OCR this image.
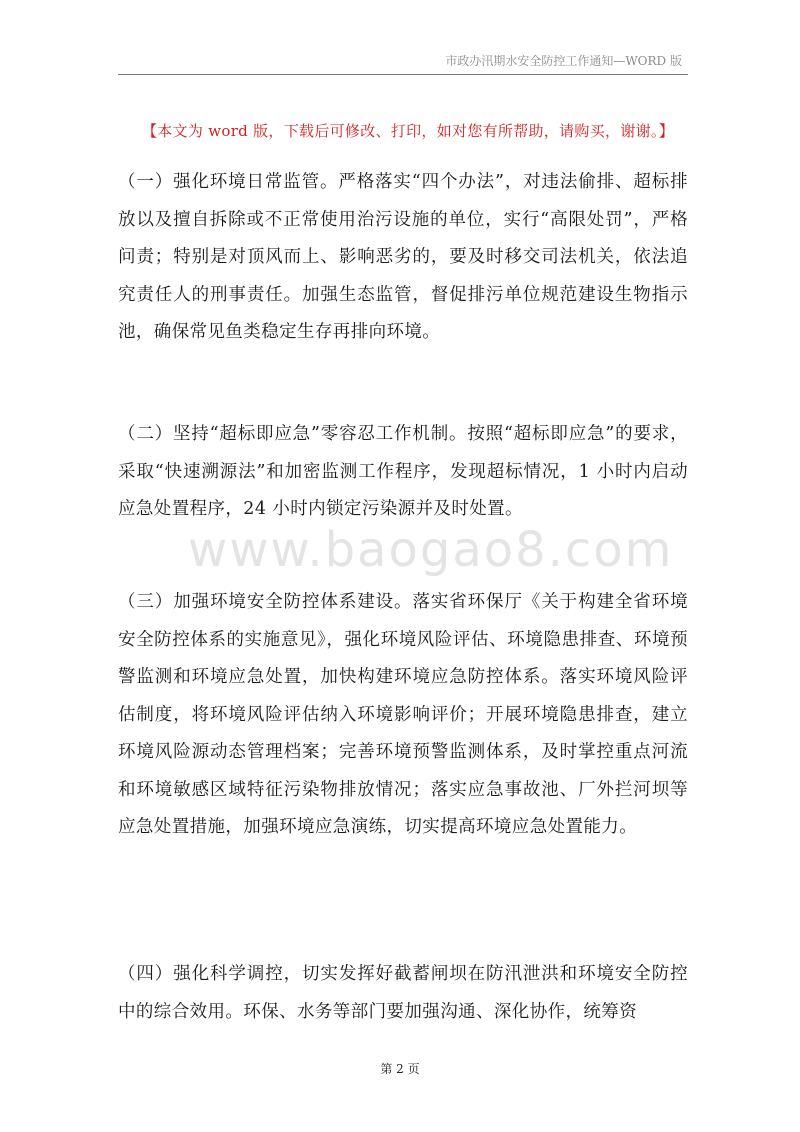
市政办汛期水安全防控工作通知—WORD 版
【本文为 word 版，下载后可修改、打印，如对您有所帮助，请购买，谢谢。】
www.baogao8.com
（一）强化环境日常监管。严格落实“四个办法”，对违法偷排、超标排放以及擅自拆除或不正常使用治污设施的单位，实行“高限处罚”，严格问责；特别是对顶风而上、影响恶劣的，要及时移交司法机关，依法追究责任人的刑事责任。加强生态监管，督促排污单位规范建设生物指示池，确保常见鱼类稳定生存再排向环境。
（二）坚持“超标即应急”零容忍工作机制。按照“超标即应急”的要求，采取“快速溯源法”和加密监测工作程序，发现超标情况，1 小时内启动应急处置程序，24 小时内锁定污染源并及时处置。
（三）加强环境安全防控体系建设。落实省环保厅《关于构建全省环境安全防控体系的实施意见》，强化环境风险评估、环境隐患排查、环境预警监测和环境应急处置，加快构建环境应急防控体系。落实环境风险评估制度，将环境风险评估纳入环境影响评价；开展环境隐患排查，建立环境风险源动态管理档案；完善环境预警监测体系，及时掌控重点河流和环境敏感区域特征污染物排放情况；落实应急事故池、厂外拦河坝等应急处置措施，加强环境应急演练，切实提高环境应急处置能力。
（四）强化科学调控，切实发挥好截蓄闸坝在防汛泄洪和环境安全防控中的综合效用。环保、水务等部门要加强沟通、深化协作，统筹资
第 2 页
